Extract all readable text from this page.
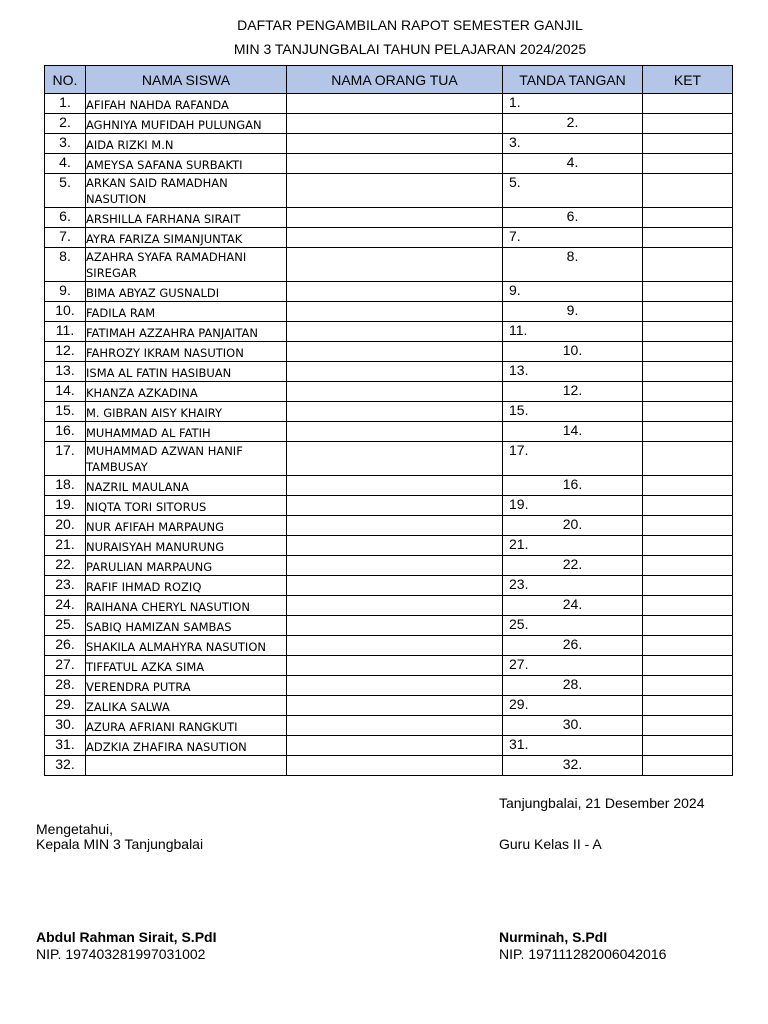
DAFTAR PENGAMBILAN RAPOT SEMESTER GANJIL
MIN 3 TANJUNGBALAI TAHUN PELAJARAN 2024/2025
NO.	NAMA SISWA	NAMA ORANG TUA	TANDA TANGAN	KET
1.	AFIFAH NAHDA RAFANDA		1.	
2.	AGHNIYA MUFIDAH PULUNGAN		2.	
3.	AIDA RIZKI M.N		3.	
4.	AMEYSA SAFANA SURBAKTI		4.	
5.	ARKAN SAID RAMADHAN NASUTION		5.	
6.	ARSHILLA FARHANA SIRAIT		6.	
7.	AYRA FARIZA SIMANJUNTAK		7.	
8.	AZAHRA SYAFA RAMADHANI SIREGAR		8.	
9.	BIMA ABYAZ GUSNALDI		9.	
10.	FADILA RAM		9.	
11.	FATIMAH AZZAHRA PANJAITAN		11.	
12.	FAHROZY IKRAM NASUTION		10.	
13.	ISMA AL FATIN HASIBUAN		13.	
14.	KHANZA AZKADINA		12.	
15.	M. GIBRAN AISY KHAIRY		15.	
16.	MUHAMMAD AL FATIH		14.	
17.	MUHAMMAD AZWAN HANIF TAMBUSAY		17.	
18.	NAZRIL MAULANA		16.	
19.	NIQTA TORI SITORUS		19.	
20.	NUR AFIFAH MARPAUNG		20.	
21.	NURAISYAH MANURUNG		21.	
22.	PARULIAN MARPAUNG		22.	
23.	RAFIF IHMAD ROZIQ		23.	
24.	RAIHANA CHERYL NASUTION		24.	
25.	SABIQ HAMIZAN SAMBAS		25.	
26.	SHAKILA ALMAHYRA NASUTION		26.	
27.	TIFFATUL AZKA SIMA		27.	
28.	VERENDRA PUTRA		28.	
29.	ZALIKA SALWA		29.	
30.	AZURA AFRIANI RANGKUTI		30.	
31.	ADZKIA ZHAFIRA NASUTION		31.	
32.			32.	
Tanjungbalai, 21 Desember 2024
Mengetahui,
Kepala MIN 3 Tanjungbalai	Guru Kelas II - A
Abdul Rahman Sirait, S.PdI
NIP. 197403281997031002
Nurminah, S.PdI
NIP. 197111282006042016
